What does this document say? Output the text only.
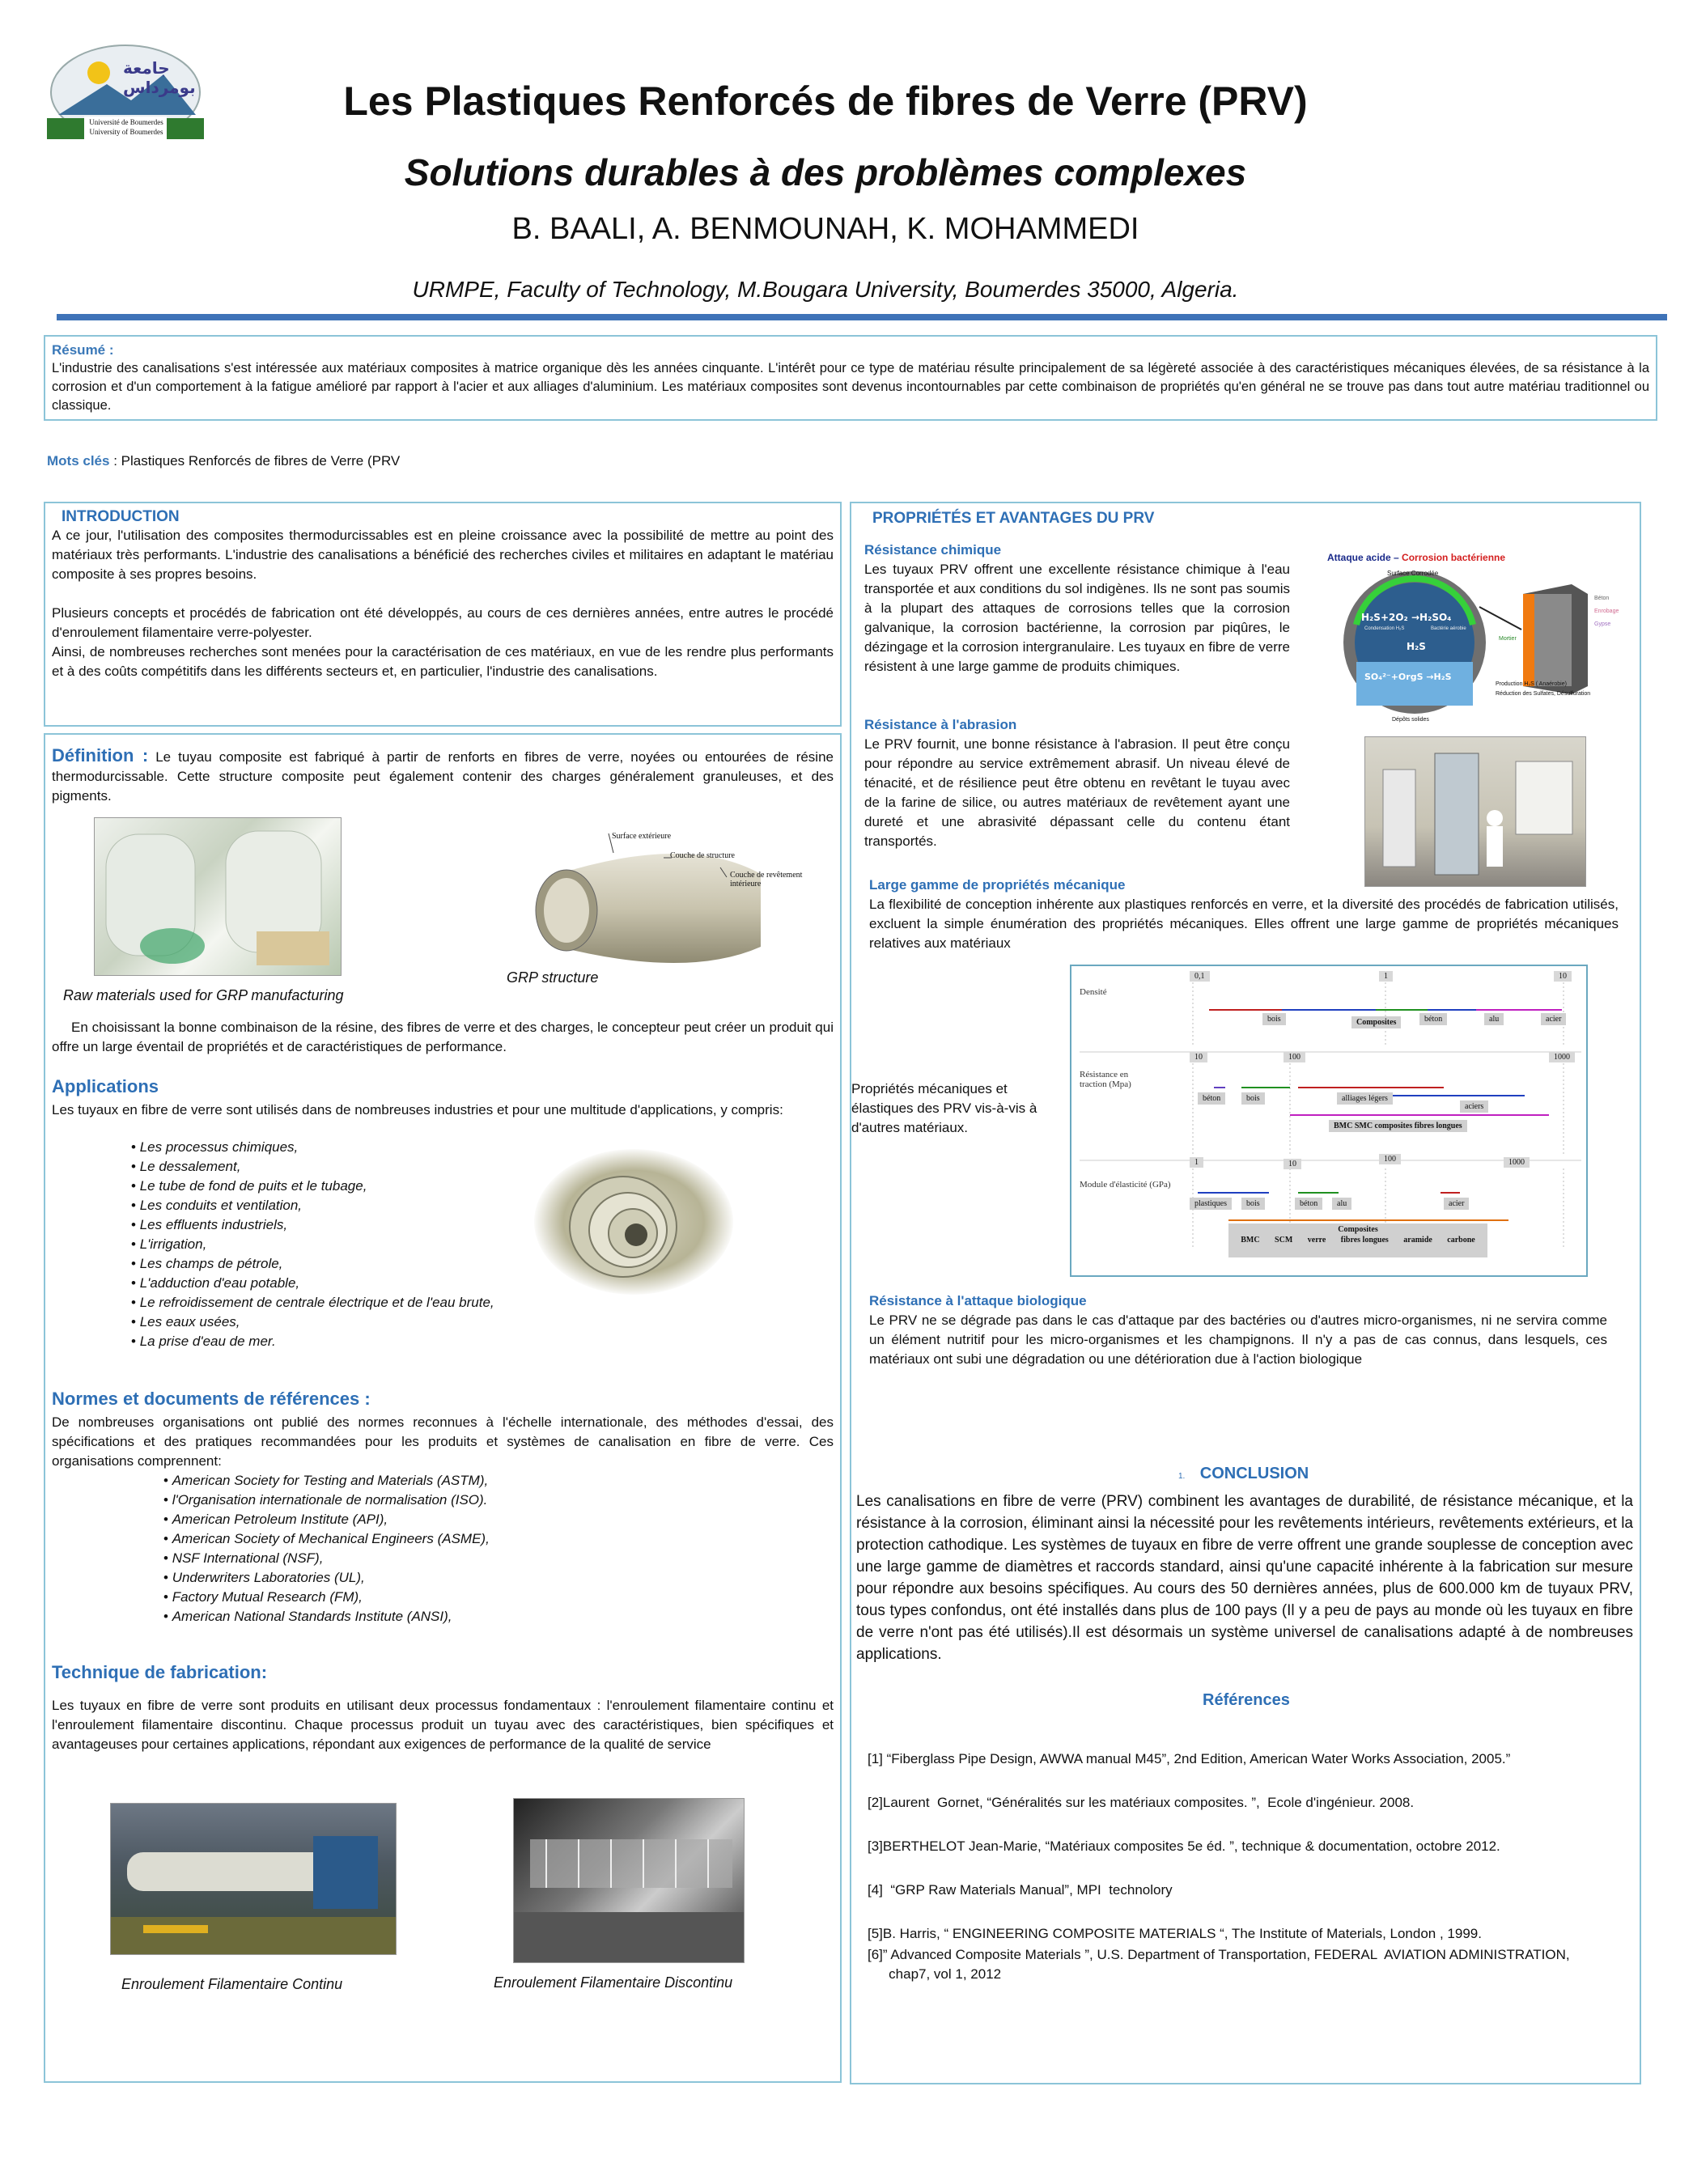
جامعة بومرداس
Université de Boumerdes
University of Boumerdes
Les Plastiques Renforcés de fibres de Verre (PRV)
Solutions durables à des problèmes complexes
B. BAALI, A. BENMOUNAH, K. MOHAMMEDI
URMPE, Faculty of Technology, M.Bougara University, Boumerdes 35000, Algeria.
Résumé :
L'industrie des canalisations s'est intéressée aux matériaux composites à matrice organique dès les années cinquante. L'intérêt pour ce type de matériau résulte principalement de sa légèreté associée à des caractéristiques mécaniques élevées, de sa résistance à la corrosion et d'un comportement à la fatigue amélioré par rapport à l'acier et aux alliages d'aluminium. Les matériaux composites sont devenus incontournables par cette combinaison de propriétés qu'en général ne se trouve pas dans tout autre matériau traditionnel ou classique.
Mots clés : Plastiques Renforcés de fibres de Verre (PRV
INTRODUCTION
A ce jour, l'utilisation des composites thermodurcissables est en pleine croissance avec la possibilité de mettre au point des matériaux très performants. L'industrie des canalisations a bénéficié des recherches civiles et militaires en adaptant le matériau composite à ses propres besoins.
Plusieurs concepts et procédés de fabrication ont été développés, au cours de ces dernières années, entre autres le procédé d'enroulement filamentaire verre-polyester.
Ainsi, de nombreuses recherches sont menées pour la caractérisation de ces matériaux, en vue de les rendre plus performants et à des coûts compétitifs dans les différents secteurs et, en particulier, l'industrie des canalisations.
Définition : Le tuyau composite est fabriqué à partir de renforts en fibres de verre, noyées ou entourées de résine thermodurcissable. Cette structure composite peut également contenir des charges généralement granuleuses, et des pigments.
Raw materials used for GRP manufacturing
Surface extérieure
Couche de structure
Couche de revêtement intérieure
GRP structure
En choisissant la bonne combinaison de la résine, des fibres de verre et des charges, le concepteur peut créer un produit qui offre un large éventail de propriétés et de caractéristiques de performance.
Applications
Les tuyaux en fibre de verre sont utilisés dans de nombreuses industries et pour une multitude d'applications, y compris:
• Les processus chimiques,
• Le dessalement,
• Le tube de fond de puits et le tubage,
• Les conduits et ventilation,
• Les effluents industriels,
• L'irrigation,
• Les champs de pétrole,
• L'adduction d'eau potable,
• Le refroidissement de centrale électrique et de l'eau brute,
• Les eaux usées,
• La prise d'eau de mer.
Normes et documents de références :
De nombreuses organisations ont publié des normes reconnues à l'échelle internationale, des méthodes d'essai, des spécifications et des pratiques recommandées pour les produits et systèmes de canalisation en fibre de verre. Ces organisations comprennent:
• American Society for Testing and Materials (ASTM),
• l'Organisation internationale de normalisation (ISO).
• American Petroleum Institute (API),
• American Society of Mechanical Engineers (ASME),
• NSF International (NSF),
• Underwriters Laboratories (UL),
• Factory Mutual Research (FM),
• American National Standards Institute (ANSI),
Technique de fabrication:
Les tuyaux en fibre de verre sont produits en utilisant deux processus fondamentaux : l'enroulement filamentaire continu et l'enroulement filamentaire discontinu. Chaque processus produit un tuyau avec des caractéristiques, bien spécifiques et avantageuses pour certaines applications, répondant aux exigences de performance de la qualité de service
Enroulement Filamentaire Continu	Enroulement Filamentaire Discontinu
PROPRIÉTÉS ET AVANTAGES DU PRV
Résistance chimique
Les tuyaux PRV offrent une excellente résistance chimique à l'eau transportée et aux conditions du sol indigènes. Ils ne sont pas soumis à la plupart des attaques de corrosions telles que la corrosion galvanique, la corrosion bactérienne, la corrosion par piqûres, le dézingage et la corrosion intergranulaire. Les tuyaux en fibre de verre résistent à une large gamme de produits chimiques.
Attaque acide – Corrosion bactérienne
Surface Corrodée
H₂S+2O₂ →H₂SO₄
Condensation H₂S	Bactérie aérobie
H₂S
SO₄²⁻+OrgS →H₂S
Béton
Enrobage
Gypse
Mortier
Production H₂S ( Anaérobie)
Réduction des Sulfates, Désulfuration
Dépôts solides
Résistance à l'abrasion
Le PRV fournit, une bonne résistance à l'abrasion. Il peut être conçu pour répondre au service extrêmement abrasif. Un niveau élevé de ténacité, et de résilience peut être obtenu en revêtant le tuyau avec de la farine de silice, ou autres matériaux de revêtement ayant une dureté et une abrasivité dépassant celle du contenu étant transportés.
Large gamme de propriétés mécanique
La flexibilité de conception inhérente aux plastiques renforcés en verre, et la diversité des procédés de fabrication utilisés, excluent la simple énumération des propriétés mécaniques. Elles offrent une large gamme de propriétés mécaniques relatives aux matériaux
Propriétés mécaniques et élastiques des PRV vis-à-vis à d'autres matériaux.
Densité
Résistance en traction (Mpa)
Module d'élasticité (GPa)
0,1	1	10
bois	Composites	béton	alu	acier
10	100	1000
béton	bois	alliages légers
aciers
BMC SMC composites fibres longues
1	10
100	1000
plastiques	bois	béton	alu	acier
Composites
BMC SCM verre fibres longues aramide carbone
Résistance à l'attaque biologique
Le PRV ne se dégrade pas dans le cas d'attaque par des bactéries ou d'autres micro-organismes, ni ne servira comme un élément nutritif pour les micro-organismes et les champignons. Il n'y a pas de cas connus, dans lesquels, ces matériaux ont subi une dégradation ou une détérioration due à l'action biologique
1. CONCLUSION
Les canalisations en fibre de verre (PRV) combinent les avantages de durabilité, de résistance mécanique, et la résistance à la corrosion, éliminant ainsi la nécessité pour les revêtements intérieurs, revêtements extérieurs, et la protection cathodique. Les systèmes de tuyaux en fibre de verre offrent une grande souplesse de conception avec une large gamme de diamètres et raccords standard, ainsi qu'une capacité inhérente à la fabrication sur mesure pour répondre aux besoins spécifiques. Au cours des 50 dernières années, plus de 600.000 km de tuyaux PRV, tous types confondus, ont été installés dans plus de 100 pays (Il y a peu de pays au monde où les tuyaux en fibre de verre n'ont pas été utilisés).Il est désormais un système universel de canalisations adapté à de nombreuses applications.
Références
[1] “Fiberglass Pipe Design, AWWA manual M45”, 2nd Edition, American Water Works Association, 2005.”
[2]Laurent  Gornet, “Généralités sur les matériaux composites. ”,  Ecole d'ingénieur. 2008.
[3]BERTHELOT Jean-Marie, “Matériaux composites 5e éd. ”, technique & documentation, octobre 2012.
[4]  “GRP Raw Materials Manual”, MPI  technolory
[5]B. Harris, “ ENGINEERING COMPOSITE MATERIALS “, The Institute of Materials, London , 1999.
[6]” Advanced Composite Materials ”, U.S. Department of Transportation, FEDERAL  AVIATION ADMINISTRATION,
chap7, vol 1, 2012
